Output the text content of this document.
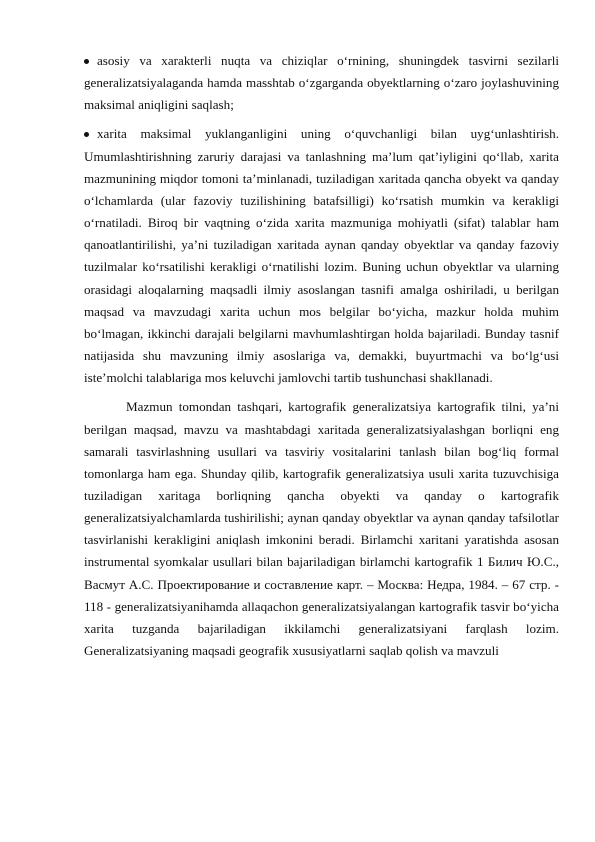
asosiy va xarakterli nuqta va chiziqlar o‘rnining, shuningdek tasvirni sezilarli generalizatsiyalaganda hamda masshtab o‘zgarganda obyektlarning o‘zaro joylashuvining maksimal aniqligini saqlash;

xarita maksimal yuklanganligini uning o‘quvchanligi bilan uyg‘unlashtirish. Umumlashtirishning zaruriy darajasi va tanlashning ma’lum qat’iyligini qo‘llab, xarita mazmunining miqdor tomoni ta’minlanadi, tuziladigan xaritada qancha obyekt va qanday o‘lchamlarda (ular fazoviy tuzilishining batafsilligi) ko‘rsatish mumkin va kerakligi o‘rnatiladi. Biroq bir vaqtning o‘zida xarita mazmuniga mohiyatli (sifat) talablar ham qanoatlantirilishi, ya’ni tuziladigan xaritada aynan qanday obyektlar va qanday fazoviy tuzilmalar ko‘rsatilishi kerakligi o‘rnatilishi lozim. Buning uchun obyektlar va ularning orasidagi aloqalarning maqsadli ilmiy asoslangan tasnifi amalga oshiriladi, u berilgan maqsad va mavzudagi xarita uchun mos belgilar bo‘yicha, mazkur holda muhim bo‘lmagan, ikkinchi darajali belgilarni mavhumlashtirgan holda bajariladi. Bunday tasnif natijasida shu mavzuning ilmiy asoslariga va, demakki, buyurtmachi va bo‘lg‘usi iste’molchi talablariga mos keluvchi jamlovchi tartib tushunchasi shakllanadi.

Mazmun tomondan tashqari, kartografik generalizatsiya kartografik tilni, ya’ni berilgan maqsad, mavzu va mashtabdagi xaritada generalizatsiyalashgan borliqni eng samarali tasvirlashning usullari va tasviriy vositalarini tanlash bilan bog‘liq formal tomonlarga ham ega. Shunday qilib, kartografik generalizatsiya usuli xarita tuzuvchisiga tuziladigan xaritaga borliqning qancha obyekti va qanday o kartografik generalizatsiyalchamlarda tushirilishi; aynan qanday obyektlar va aynan qanday tafsilotlar tasvirlanishi kerakligini aniqlash imkonini beradi. Birlamchi xaritani yaratishda asosan instrumental syomkalar usullari bilan bajariladigan birlamchi kartografik 1 Билич Ю.С., Васмут А.С. Проектирование и составление карт. – Москва: Недра, 1984. – 67 стр. - 118 - generalizatsiyanihamda allaqachon generalizatsiyalangan kartografik tasvir bo‘yicha xarita tuzganda bajariladigan ikkilamchi generalizatsiyani farqlash lozim. Generalizatsiyaning maqsadi geografik xususiyatlarni saqlab qolish va mavzuli
